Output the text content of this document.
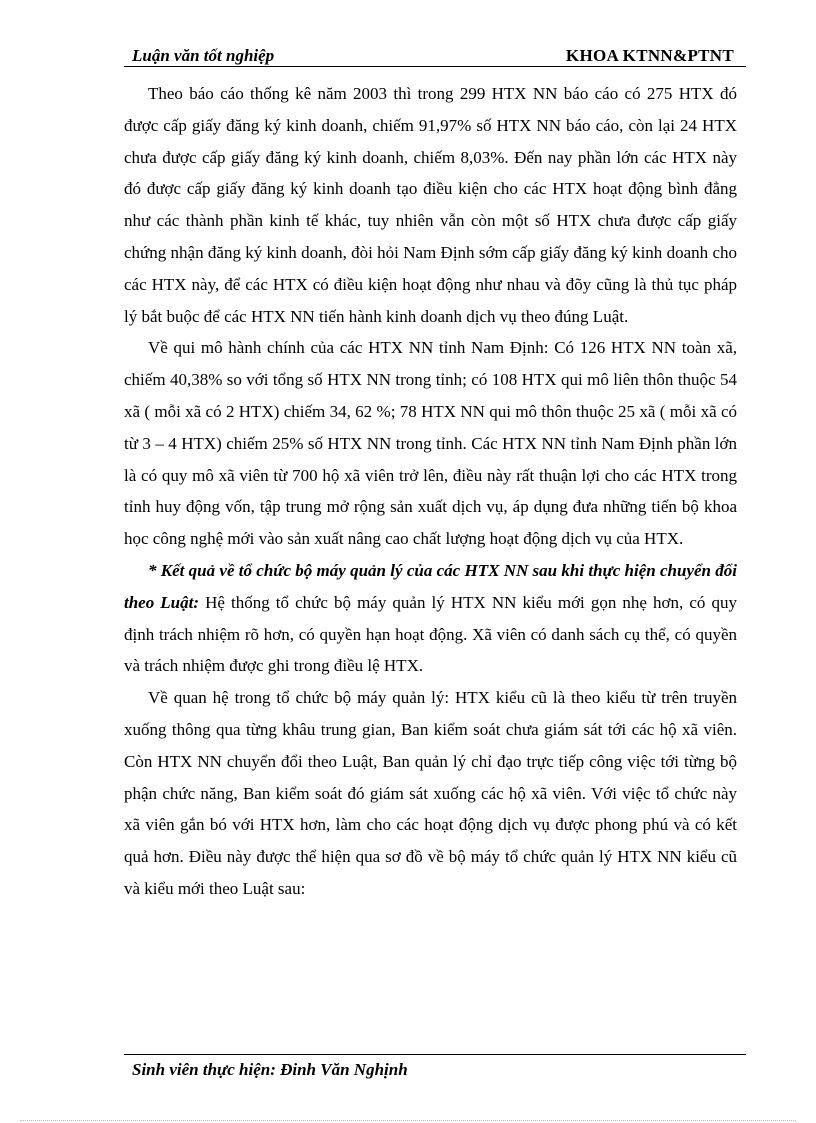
Luận văn tốt nghiệp	KHOA KTNN&PTNT

Theo báo cáo thống kê năm 2003 thì trong 299 HTX NN báo cáo có 275 HTX đó được cấp giấy đăng ký kinh doanh, chiếm 91,97% số HTX NN báo cáo, còn lại 24 HTX chưa được cấp giấy đăng ký kinh doanh, chiếm 8,03%. Đến nay phần lớn các HTX này đó được cấp giấy đăng ký kinh doanh tạo điều kiện cho các HTX hoạt động bình đẳng như các thành phần kinh tế khác, tuy nhiên vẫn còn một số HTX chưa được cấp giấy chứng nhận đăng ký kinh doanh, đòi hỏi Nam Định sớm cấp giấy đăng ký kinh doanh cho các HTX này, để các HTX có điều kiện hoạt động như nhau và đõy cũng là thủ tục pháp lý bắt buộc để các HTX NN tiến hành kinh doanh dịch vụ theo đúng Luật.

Về qui mô hành chính của các HTX NN tỉnh Nam Định: Có 126 HTX NN toàn xã, chiếm 40,38% so với tổng số HTX NN trong tỉnh; có 108 HTX qui mô liên thôn thuộc 54 xã ( mỗi xã có 2 HTX) chiếm 34, 62 %; 78 HTX NN qui mô thôn thuộc 25 xã ( mỗi xã có từ 3 – 4 HTX) chiếm 25% số HTX NN trong tỉnh. Các HTX NN tỉnh Nam Định phần lớn là có quy mô xã viên từ 700 hộ xã viên trở lên, điều này rất thuận lợi cho các HTX trong tỉnh huy động vốn, tập trung mở rộng sản xuất dịch vụ, áp dụng đưa những tiến bộ khoa học công nghệ mới vào sản xuất nâng cao chất lượng hoạt động dịch vụ của HTX.

* Kết quả về tổ chức bộ máy quản lý của các HTX NN sau khi thực hiện chuyển đổi theo Luật: Hệ thống tổ chức bộ máy quản lý HTX NN kiểu mới gọn nhẹ hơn, có quy định trách nhiệm rõ hơn, có quyền hạn hoạt động. Xã viên có danh sách cụ thể, có quyền và trách nhiệm được ghi trong điều lệ HTX.

Về quan hệ trong tổ chức bộ máy quản lý: HTX kiểu cũ là theo kiểu từ trên truyền xuống thông qua từng khâu trung gian, Ban kiểm soát chưa giám sát tới các hộ xã viên. Còn HTX NN chuyển đổi theo Luật, Ban quản lý chỉ đạo trực tiếp công việc tới từng bộ phận chức năng, Ban kiểm soát đó giám sát xuống các hộ xã viên. Với việc tổ chức này xã viên gắn bó với HTX hơn, làm cho các hoạt động dịch vụ được phong phú và có kết quả hơn. Điều này được thể hiện qua sơ đồ về bộ máy tổ chức quản lý HTX NN kiểu cũ và kiểu mới theo Luật sau:

Sinh viên thực hiện: Đinh Văn Nghịnh
